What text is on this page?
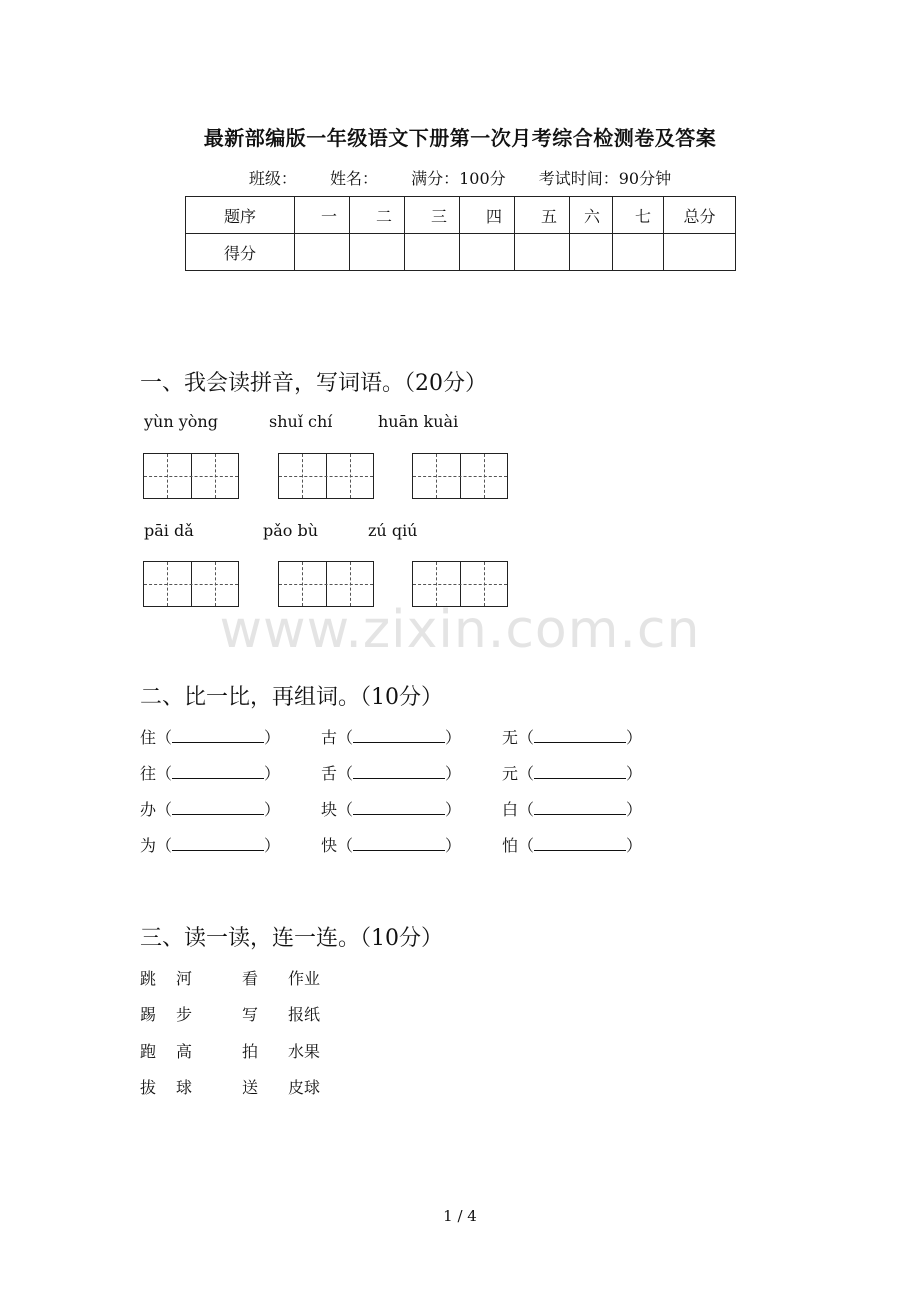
最新部编版一年级语文下册第一次月考综合检测卷及答案
班级： 姓名： 满分：100分 考试时间：90分钟
题序	一	二	三	四	五	六	七	总分
得分								
一、我会读拼音，写词语。（20分）
yùn yòng	shuǐ chí	huān kuài
pāi dǎ	pǎo bù	zú qiú
www.zixin.com.cn
二、比一比，再组词。（10分）
住（	）	古（	）	无（	）
往（	）	舌（	）	元（	）
办（	）	块（	）	白（	）
为（	）	快（	）	怕（	）
三、读一读，连一连。（10分）
跳 河	看 作业
踢 步	写 报纸
跑 高	拍 水果
拔 球	送 皮球
1 / 4
